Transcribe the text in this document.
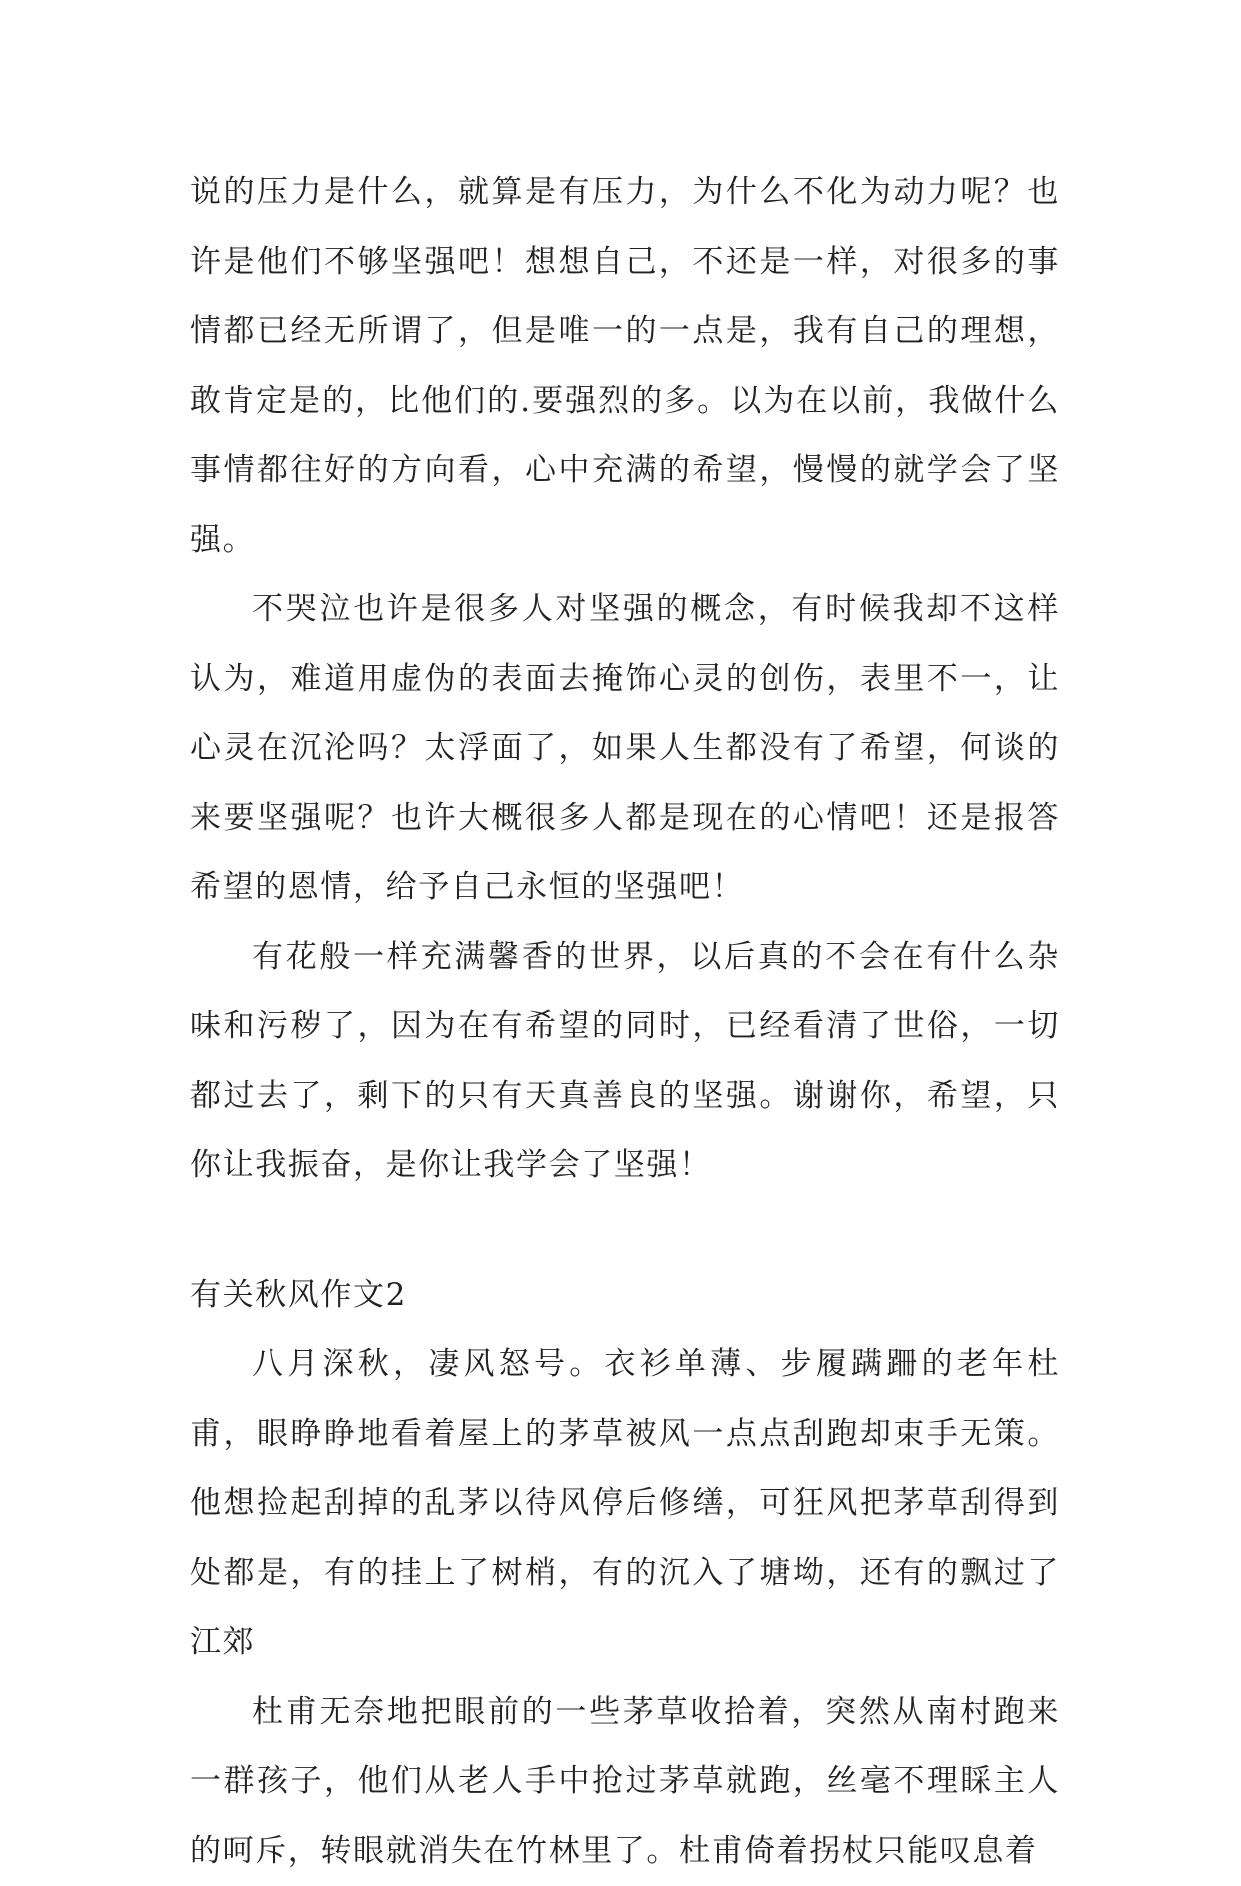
说的压力是什么，就算是有压力，为什么不化为动力呢？也许是他们不够坚强吧！想想自己，不还是一样，对很多的事情都已经无所谓了，但是唯一的一点是，我有自己的理想，敢肯定是的，比他们的.要强烈的多。以为在以前，我做什么事情都往好的方向看，心中充满的希望，慢慢的就学会了坚强。

不哭泣也许是很多人对坚强的概念，有时候我却不这样认为，难道用虚伪的表面去掩饰心灵的创伤，表里不一，让心灵在沉沦吗？太浮面了，如果人生都没有了希望，何谈的来要坚强呢？也许大概很多人都是现在的心情吧！还是报答希望的恩情，给予自己永恒的坚强吧！

有花般一样充满馨香的世界，以后真的不会在有什么杂味和污秽了，因为在有希望的同时，已经看清了世俗，一切都过去了，剩下的只有天真善良的坚强。谢谢你，希望，只你让我振奋，是你让我学会了坚强！

有关秋风作文2

八月深秋，凄风怒号。衣衫单薄、步履蹒跚的老年杜甫，眼睁睁地看着屋上的茅草被风一点点刮跑却束手无策。他想捡起刮掉的乱茅以待风停后修缮，可狂风把茅草刮得到处都是，有的挂上了树梢，有的沉入了塘坳，还有的飘过了江郊

杜甫无奈地把眼前的一些茅草收拾着，突然从南村跑来一群孩子，他们从老人手中抢过茅草就跑，丝毫不理睬主人的呵斥，转眼就消失在竹林里了。杜甫倚着拐杖只能叹息着
